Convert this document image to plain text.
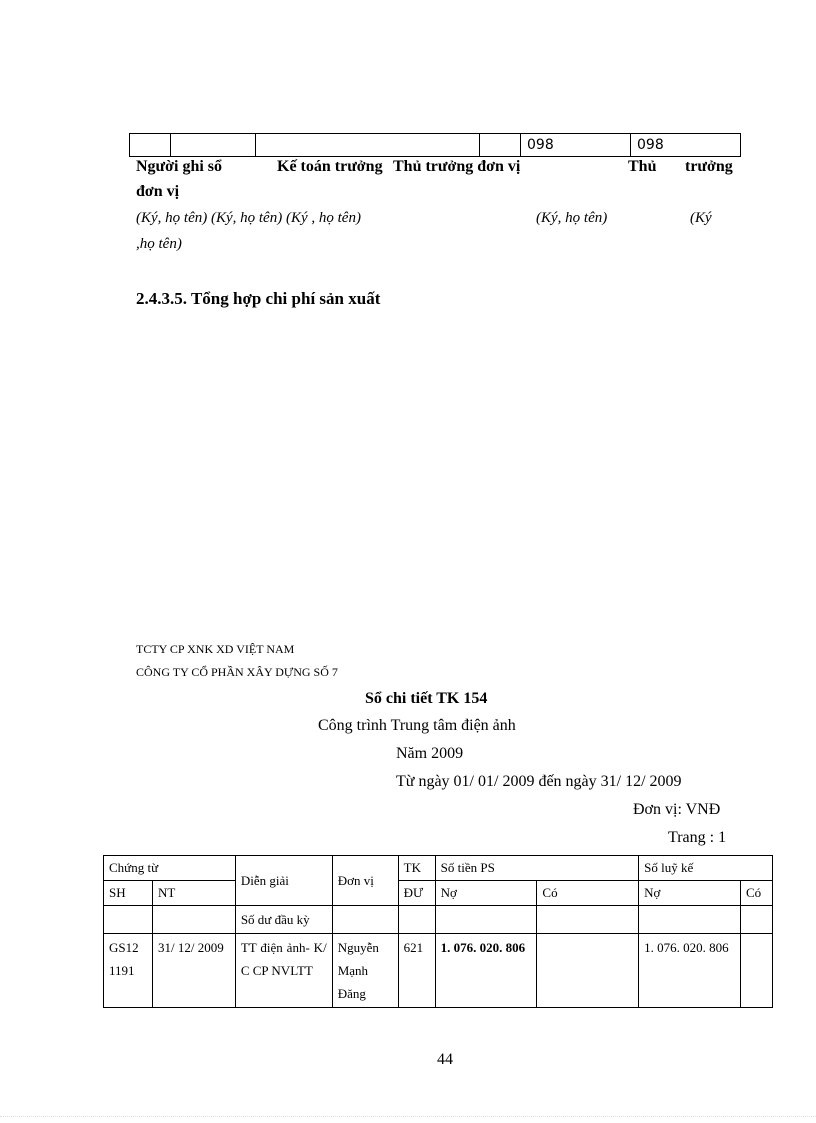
				098	098
Người ghi sổ	Kế toán trưởng Thủ trưởng đơn vị	Thủ trưởng
đơn vị
(Ký, họ tên) (Ký, họ tên) (Ký , họ tên)	(Ký, họ tên)	(Ký
,họ tên)
2.4.3.5. Tổng hợp chi phí sản xuất
TCTY CP XNK XD VIỆT NAM
CÔNG TY CỔ PHẦN XÂY DỰNG SỐ 7
Sổ chi tiết TK 154
Công trình Trung tâm điện ảnh
Năm 2009
Từ ngày 01/ 01/ 2009 đến ngày 31/ 12/ 2009
Đơn vị: VNĐ
Trang : 1
Chứng từ		Diễn giải	Đơn vị	TK	Số tiền PS		Số luỹ kế	
SH	NT			ĐƯ	Nợ	Có	Nợ	Có
		Số dư đầu kỳ						
GS12 1191	31/ 12/ 2009	TT điện ảnh- K/ C CP NVLTT	Nguyễn Mạnh Đăng	621	1. 076. 020. 806		1. 076. 020. 806	
44
